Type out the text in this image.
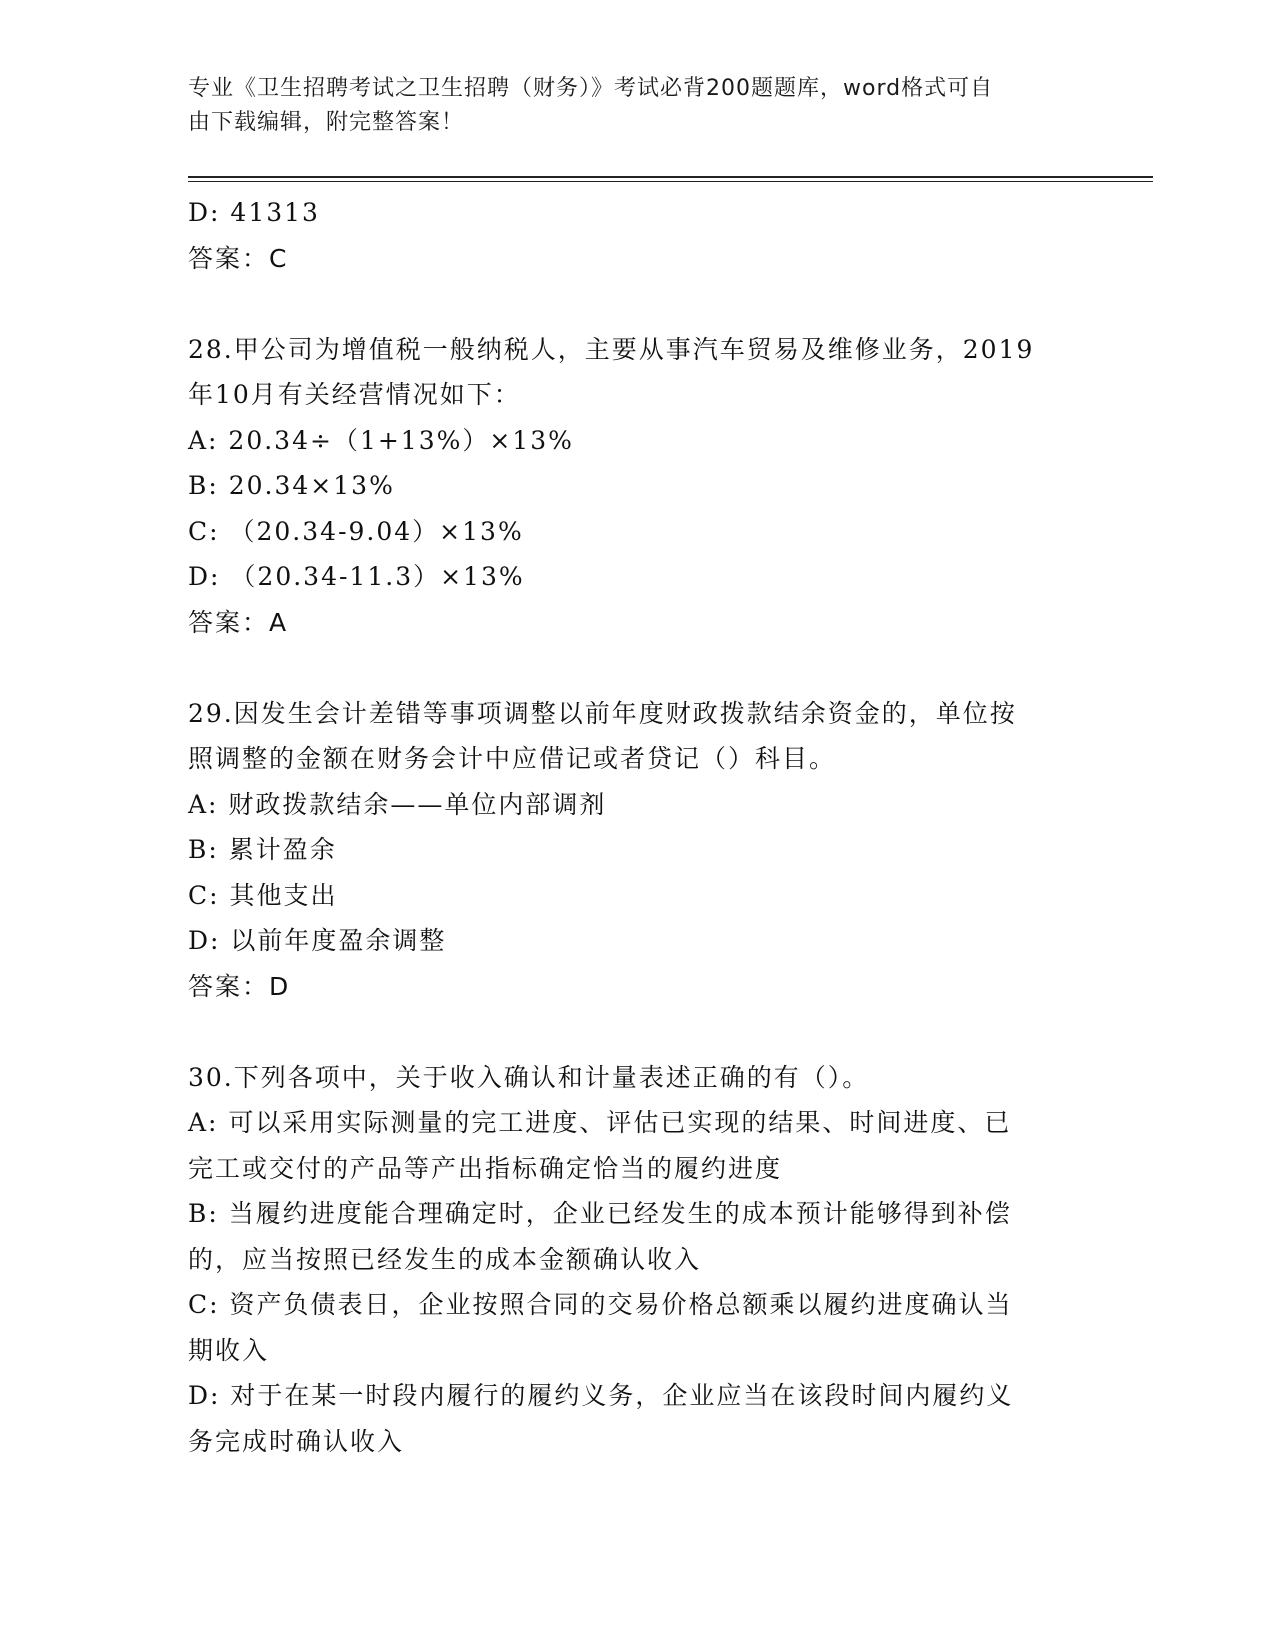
专业《卫生招聘考试之卫生招聘（财务）》考试必背200题题库，word格式可自
由下载编辑，附完整答案！
D: 41313
答案：C
28.甲公司为增值税一般纳税人，主要从事汽车贸易及维修业务，2019
年10月有关经营情况如下：
A: 20.34÷（1+13%）×13%
B: 20.34×13%
C: （20.34-9.04）×13%
D: （20.34-11.3）×13%
答案：A
29.因发生会计差错等事项调整以前年度财政拨款结余资金的，单位按
照调整的金额在财务会计中应借记或者贷记（）科目。
A: 财政拨款结余——单位内部调剂
B: 累计盈余
C: 其他支出
D: 以前年度盈余调整
答案：D
30.下列各项中，关于收入确认和计量表述正确的有（）。
A: 可以采用实际测量的完工进度、评估已实现的结果、时间进度、已
完工或交付的产品等产出指标确定恰当的履约进度
B: 当履约进度能合理确定时，企业已经发生的成本预计能够得到补偿
的，应当按照已经发生的成本金额确认收入
C: 资产负债表日，企业按照合同的交易价格总额乘以履约进度确认当
期收入
D: 对于在某一时段内履行的履约义务，企业应当在该段时间内履约义
务完成时确认收入
